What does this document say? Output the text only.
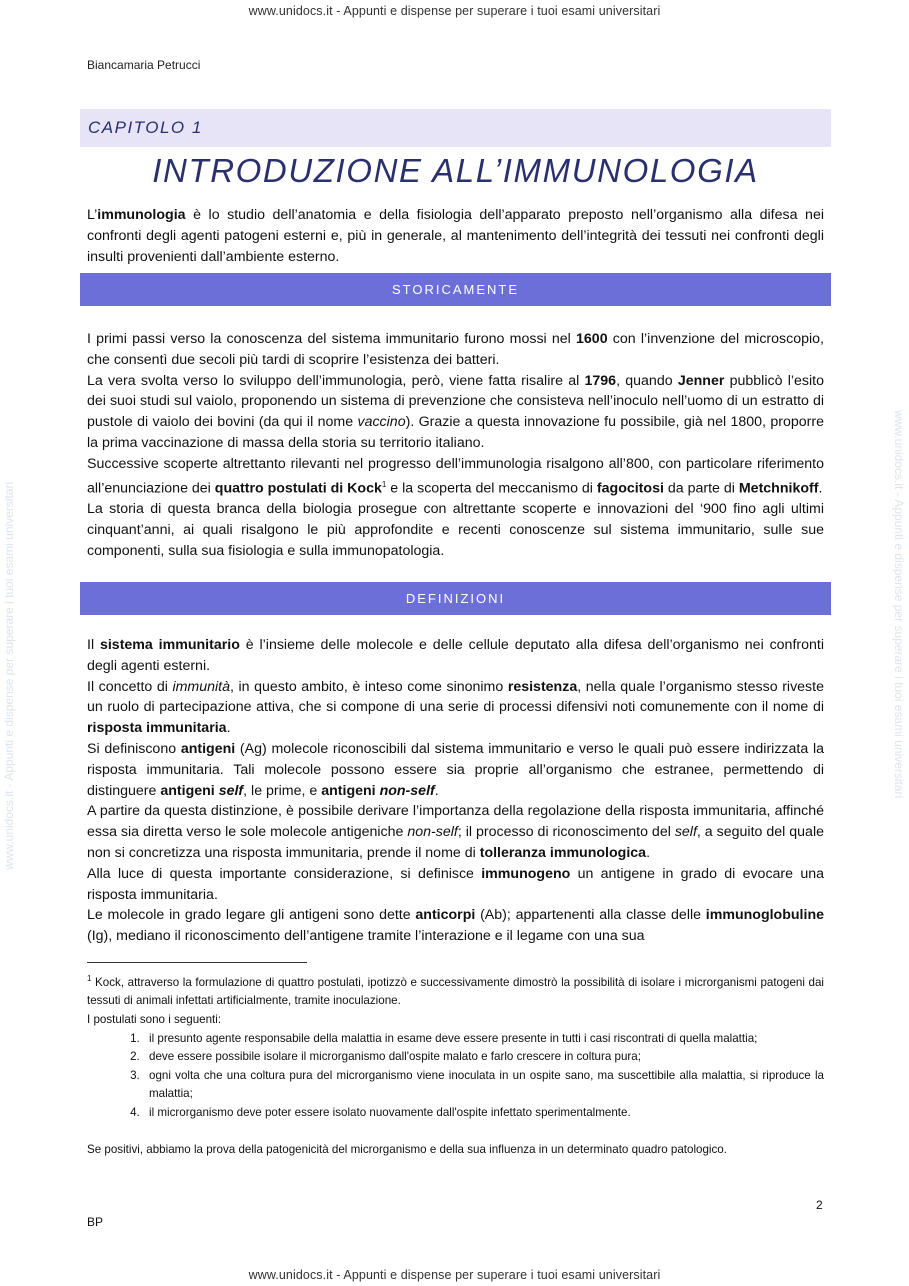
www.unidocs.it - Appunti e dispense per superare i tuoi esami universitari
www.unidocs.it - Appunti e dispense per superare i tuoi esami universitari
www.unidocs.it - Appunti e dispense per superare i tuoi esami universitari	www.unidocs.it - Appunti e dispense per superare i tuoi esami universitari
Biancamaria Petrucci
CAPITOLO 1
INTRODUZIONE ALL’IMMUNOLOGIA

L’immunologia è lo studio dell’anatomia e della fisiologia dell’apparato preposto nell’organismo alla difesa nei confronti degli agenti patogeni esterni e, più in generale, al mantenimento dell’integrità dei tessuti nei confronti degli insulti provenienti dall’ambiente esterno.

STORICAMENTE

I primi passi verso la conoscenza del sistema immunitario furono mossi nel 1600 con l’invenzione del microscopio, che consentì due secoli più tardi di scoprire l’esistenza dei batteri.

La vera svolta verso lo sviluppo dell’immunologia, però, viene fatta risalire al 1796, quando Jenner pubblicò l’esito dei suoi studi sul vaiolo, proponendo un sistema di prevenzione che consisteva nell’inoculo nell’uomo di un estratto di pustole di vaiolo dei bovini (da qui il nome vaccino). Grazie a questa innovazione fu possibile, già nel 1800, proporre la prima vaccinazione di massa della storia su territorio italiano.

Successive scoperte altrettanto rilevanti nel progresso dell’immunologia risalgono all’800, con particolare riferimento all’enunciazione dei quattro postulati di Kock$^1$ e la scoperta del meccanismo di fagocitosi da parte di Metchnikoff.

La storia di questa branca della biologia prosegue con altrettante scoperte e innovazioni del ‘900 fino agli ultimi cinquant’anni, ai quali risalgono le più approfondite e recenti conoscenze sul sistema immunitario, sulle sue componenti, sulla sua fisiologia e sulla immunopatologia.

DEFINIZIONI

Il sistema immunitario è l’insieme delle molecole e delle cellule deputato alla difesa dell’organismo nei confronti degli agenti esterni.

Il concetto di immunità, in questo ambito, è inteso come sinonimo resistenza, nella quale l’organismo stesso riveste un ruolo di partecipazione attiva, che si compone di una serie di processi difensivi noti comunemente con il nome di risposta immunitaria.

Si definiscono antigeni (Ag) molecole riconoscibili dal sistema immunitario e verso le quali può essere indirizzata la risposta immunitaria. Tali molecole possono essere sia proprie all’organismo che estranee, permettendo di distinguere antigeni self, le prime, e antigeni non-self.

A partire da questa distinzione, è possibile derivare l’importanza della regolazione della risposta immunitaria, affinché essa sia diretta verso le sole molecole antigeniche non-self; il processo di riconoscimento del self, a seguito del quale non si concretizza una risposta immunitaria, prende il nome di tolleranza immunologica.

Alla luce di questa importante considerazione, si definisce immunogeno un antigene in grado di evocare una risposta immunitaria.

Le molecole in grado legare gli antigeni sono dette anticorpi (Ab); appartenenti alla classe delle immunoglobuline (Ig), mediano il riconoscimento dell’antigene tramite l’interazione e il legame con una sua

$^1$ Kock, attraverso la formulazione di quattro postulati, ipotizzò e successivamente dimostrò la possibilità di isolare i microrganismi patogeni dai tessuti di animali infettati artificialmente, tramite inoculazione.

I postulati sono i seguenti:

1. il presunto agente responsabile della malattia in esame deve essere presente in tutti i casi riscontrati di quella malattia;
2. deve essere possibile isolare il microrganismo dall'ospite malato e farlo crescere in coltura pura;
3. ogni volta che una coltura pura del microrganismo viene inoculata in un ospite sano, ma suscettibile alla malattia, si riproduce la malattia;
4. il microrganismo deve poter essere isolato nuovamente dall'ospite infettato sperimentalmente.

Se positivi, abbiamo la prova della patogenicità del microrganismo e della sua influenza in un determinato quadro patologico.

2
BP
